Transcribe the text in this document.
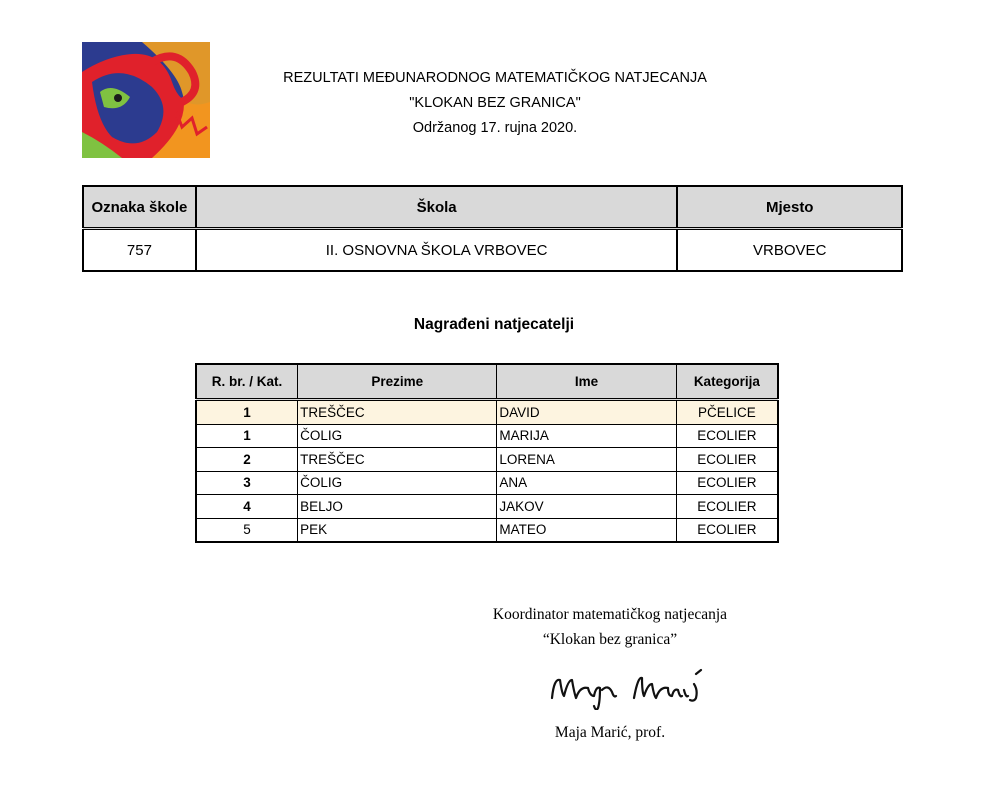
REZULTATI MEĐUNARODNOG MATEMATIČKOG NATJECANJA
"KLOKAN BEZ GRANICA"
Održanog 17. rujna 2020.
Oznaka škole	Škola	Mjesto
757	II. OSNOVNA ŠKOLA VRBOVEC	VRBOVEC
Nagrađeni natjecatelji
R. br. / Kat.	Prezime	Ime	Kategorija
1	TREŠČEC	DAVID	PČELICE
1	ČOLIG	MARIJA	ECOLIER
2	TREŠČEC	LORENA	ECOLIER
3	ČOLIG	ANA	ECOLIER
4	BELJO	JAKOV	ECOLIER
5	PEK	MATEO	ECOLIER
Koordinator matematičkog natjecanja
“Klokan bez granica”
Maja Marić, prof.
